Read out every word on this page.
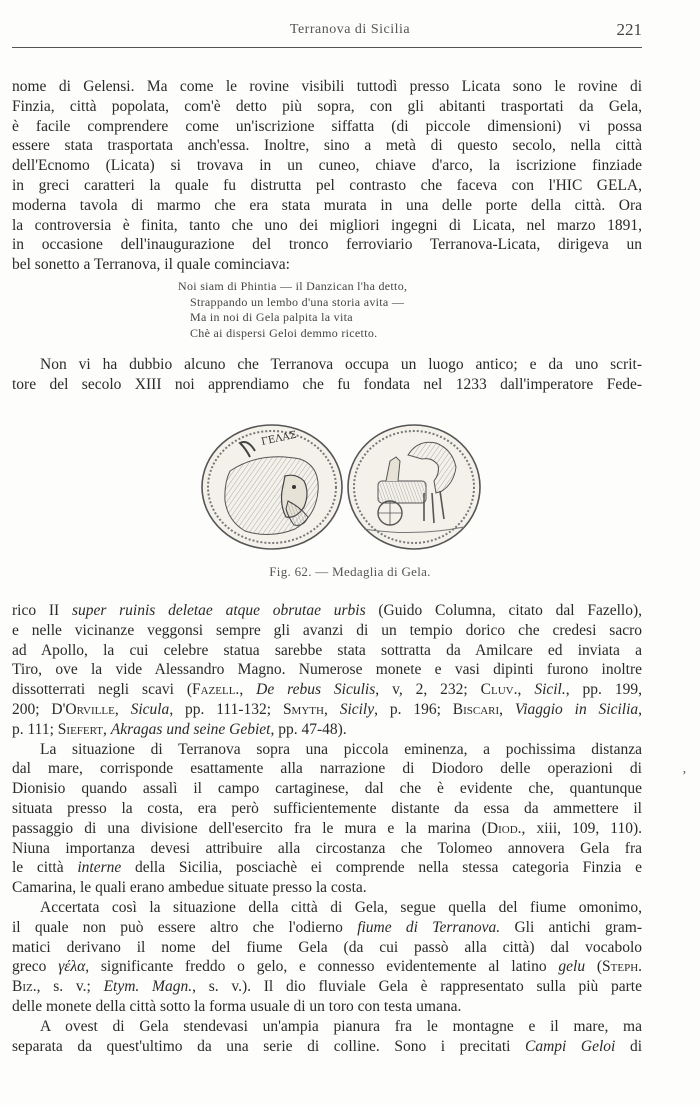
Terranova di Sicilia	221

nome di Gelensi. Ma come le rovine visibili tuttodì presso Licata sono le rovine di

Finzia, città popolata, com'è detto più sopra, con gli abitanti trasportati da Gela,

è facile comprendere come un'iscrizione siffatta (di piccole dimensioni) vi possa

essere stata trasportata anch'essa. Inoltre, sino a metà di questo secolo, nella città

dell'Ecnomo (Licata) si trovava in un cuneo, chiave d'arco, la iscrizione finziade

in greci caratteri la quale fu distrutta pel contrasto che faceva con l'HIC GELA,

moderna tavola di marmo che era stata murata in una delle porte della città. Ora

la controversia è finita, tanto che uno dei migliori ingegni di Licata, nel marzo 1891,

in occasione dell'inaugurazione del tronco ferroviario Terranova-Licata, dirigeva un

bel sonetto a Terranova, il quale cominciava:

Noi siam di Phintia — il Danzican l'ha detto,
Strappando un lembo d'una storia avita —
Ma in noi di Gela palpita la vita
Chè ai dispersi Geloi demmo ricetto.

Non vi ha dubbio alcuno che Terranova occupa un luogo antico; e da uno scrit-

tore del secolo XIII noi apprendiamo che fu fondata nel 1233 dall'imperatore Fede-

ΓΕΛΑΣ
Fig. 62. — Medaglia di Gela.

rico II super ruinis deletae atque obrutae urbis (Guido Columna, citato dal Fazello),

e nelle vicinanze veggonsi sempre gli avanzi di un tempio dorico che credesi sacro

ad Apollo, la cui celebre statua sarebbe stata sottratta da Amilcare ed inviata a

Tiro, ove la vide Alessandro Magno. Numerose monete e vasi dipinti furono inoltre

dissotterrati negli scavi (Fazell., De rebus Siculis, v, 2, 232; Cluv., Sicil., pp. 199,

200; D'Orville, Sicula, pp. 111-132; Smyth, Sicily, p. 196; Biscari, Viaggio in Sicilia,

p. 111; Siefert, Akragas und seine Gebiet, pp. 47-48).

La situazione di Terranova sopra una piccola eminenza, a pochissima distanza

dal mare, corrisponde esattamente alla narrazione di Diodoro delle operazioni di

Dionisio quando assalì il campo cartaginese, dal che è evidente che, quantunque

situata presso la costa, era però sufficientemente distante da essa da ammettere il

passaggio di una divisione dell'esercito fra le mura e la marina (Diod., xiii, 109, 110).

Niuna importanza devesi attribuire alla circostanza che Tolomeo annovera Gela fra

le città interne della Sicilia, posciachè ei comprende nella stessa categoria Finzia e

Camarina, le quali erano ambedue situate presso la costa.

Accertata così la situazione della città di Gela, segue quella del fiume omonimo,

il quale non può essere altro che l'odierno fiume di Terranova. Gli antichi gram-

matici derivano il nome del fiume Gela (da cui passò alla città) dal vocabolo

greco γέλα, significante freddo o gelo, e connesso evidentemente al latino gelu (Steph.

Biz., s. v.; Etym. Magn., s. v.). Il dio fluviale Gela è rappresentato sulla più parte

delle monete della città sotto la forma usuale di un toro con testa umana.

A ovest di Gela stendevasi un'ampia pianura fra le montagne e il mare, ma

separata da quest'ultimo da una serie di colline. Sono i precitati Campi Geloi di

ʼ
